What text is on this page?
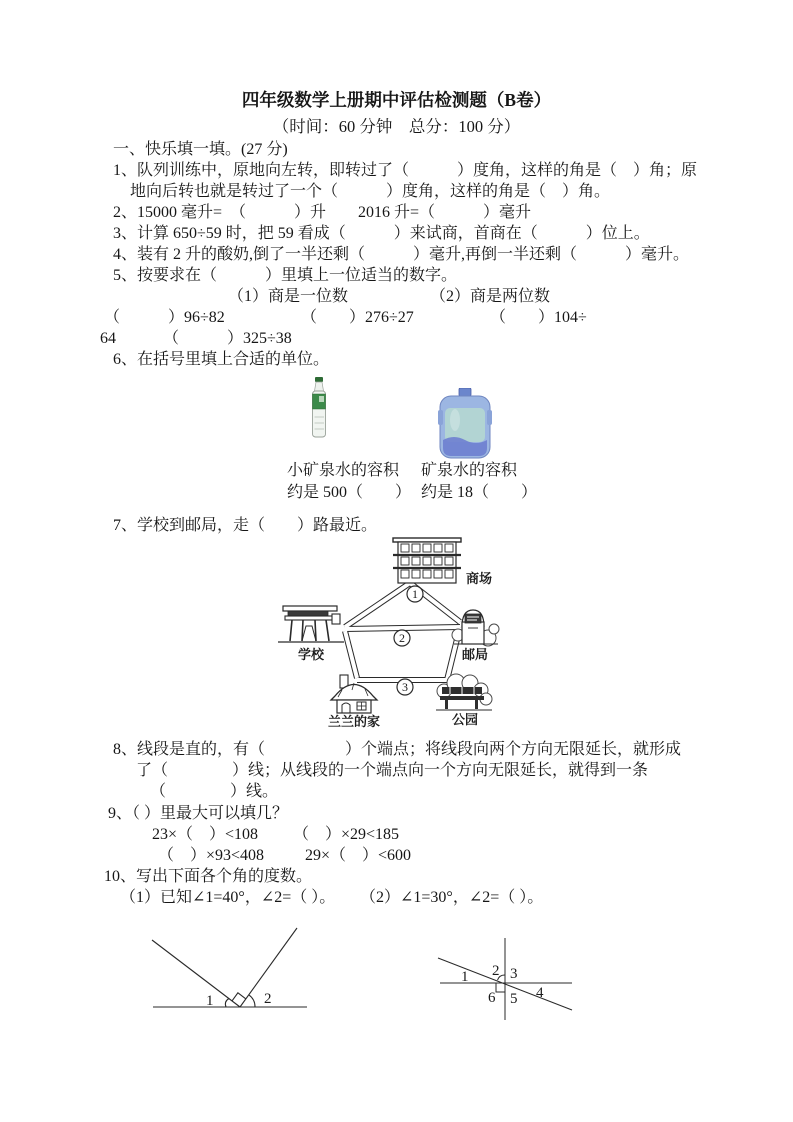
四年级数学上册期中评估检测题（B卷）
（时间：60 分钟　总分：100 分）
一、快乐填一填。(27 分)
1、队列训练中，原地向左转，即转过了（　　　）度角，这样的角是（　）角；原
地向后转也就是转过了一个（　　　）度角，这样的角是（　）角。
2、15000 毫升=　（　　　）升　　2016 升=（　　　）毫升
3、计算 650÷59 时，把 59 看成（　　　）来试商，首商在（　　　）位上。
4、装有 2 升的酸奶,倒了一半还剩（　　　）毫升,再倒一半还剩（　　　）毫升。
5、按要求在（　　　）里填上一位适当的数字。
（1）商是一位数	（2）商是两位数
（　　　）96÷82	（　　）276÷27	（　　）104÷
64	（　　　）325÷38
6、在括号里填上合适的单位。
小矿泉水的容积
约是 500（　　）
矿泉水的容积
约是 18（　　）
7、学校到邮局，走（　　）路最近。
商场
学校	邮局
兰兰的家	公园
1
2
3
8、线段是直的，有（　　　　　）个端点；将线段向两个方向无限延长，就形成
了（　　　　）线；从线段的一个端点向一个方向无限延长，就得到一条
（　　　　）线。
9、（ ）里最大可以填几？
23×（　）<108 （　）×29<185
（　）×93<408	29×（　）<600
10、写出下面各个角的度数。
（1）已知∠1=40°，∠2=（ ）。 （2）∠1=30°，∠2=（ ）。
1	2
1 2 3
4
5
6
